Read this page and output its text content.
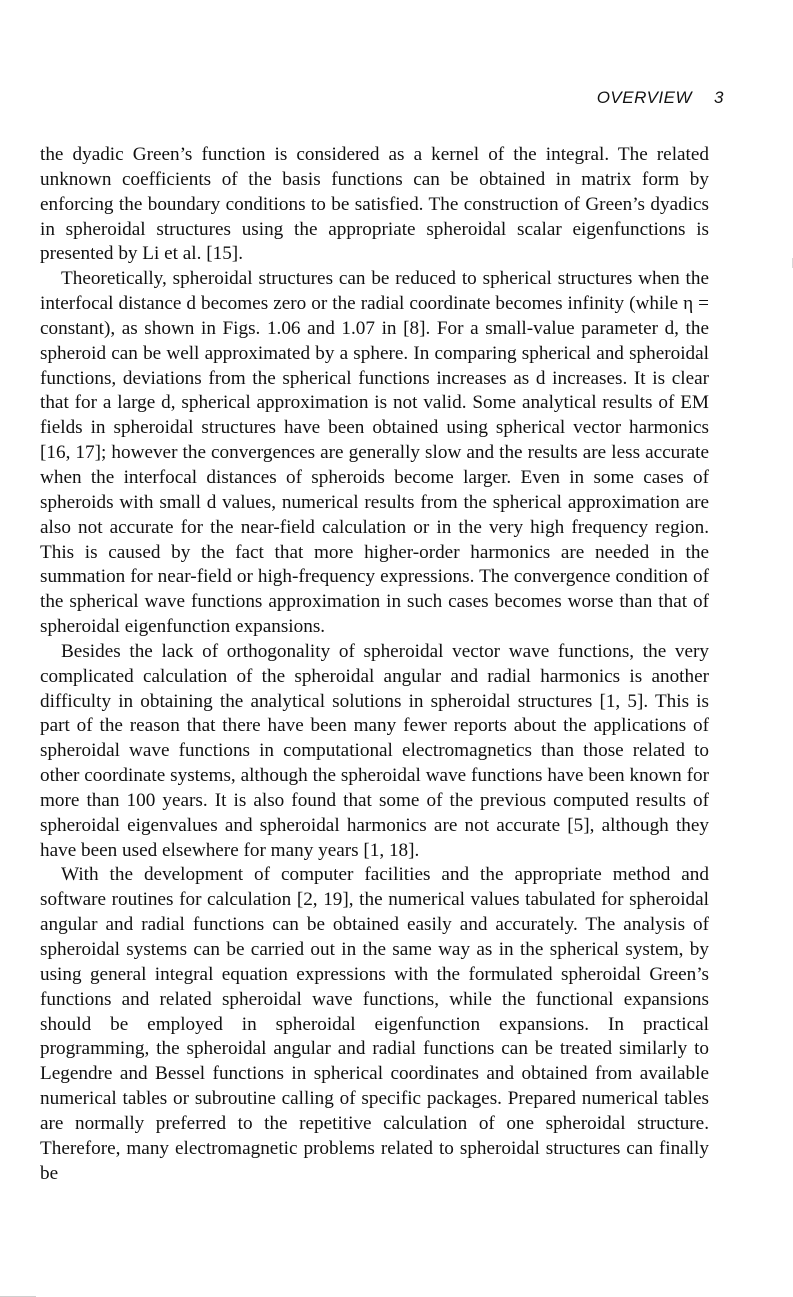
OVERVIEW 3

the dyadic Green’s function is considered as a kernel of the integral. The related unknown coefficients of the basis functions can be obtained in matrix form by enforcing the boundary conditions to be satisfied. The construction of Green’s dyadics in spheroidal structures using the appropriate spheroidal scalar eigenfunctions is presented by Li et al. [15].

Theoretically, spheroidal structures can be reduced to spherical structures when the interfocal distance d becomes zero or the radial coordinate becomes infinity (while η = constant), as shown in Figs. 1.06 and 1.07 in [8]. For a small-value parameter d, the spheroid can be well approximated by a sphere. In comparing spherical and spheroidal functions, deviations from the spherical functions increases as d increases. It is clear that for a large d, spherical approximation is not valid. Some analytical results of EM fields in spheroidal structures have been obtained using spherical vector harmonics [16, 17]; however the convergences are generally slow and the results are less accurate when the interfocal distances of spheroids become larger. Even in some cases of spheroids with small d values, numerical results from the spherical approximation are also not accurate for the near-field calculation or in the very high frequency region. This is caused by the fact that more higher-order harmonics are needed in the summation for near-field or high-frequency expressions. The convergence condition of the spherical wave functions approximation in such cases becomes worse than that of spheroidal eigenfunction expansions.

Besides the lack of orthogonality of spheroidal vector wave functions, the very complicated calculation of the spheroidal angular and radial harmonics is another difficulty in obtaining the analytical solutions in spheroidal structures [1, 5]. This is part of the reason that there have been many fewer reports about the applications of spheroidal wave functions in computational electromagnetics than those related to other coordinate systems, although the spheroidal wave functions have been known for more than 100 years. It is also found that some of the previous computed results of spheroidal eigenvalues and spheroidal harmonics are not accurate [5], although they have been used elsewhere for many years [1, 18].

With the development of computer facilities and the appropriate method and software routines for calculation [2, 19], the numerical values tabulated for spheroidal angular and radial functions can be obtained easily and accurately. The analysis of spheroidal systems can be carried out in the same way as in the spherical system, by using general integral equation expressions with the formulated spheroidal Green’s functions and related spheroidal wave functions, while the functional expansions should be employed in spheroidal eigenfunction expansions. In practical programming, the spheroidal angular and radial functions can be treated similarly to Legendre and Bessel functions in spherical coordinates and obtained from available numerical tables or subroutine calling of specific packages. Prepared numerical tables are normally preferred to the repetitive calculation of one spheroidal structure. Therefore, many electromagnetic problems related to spheroidal structures can finally be
